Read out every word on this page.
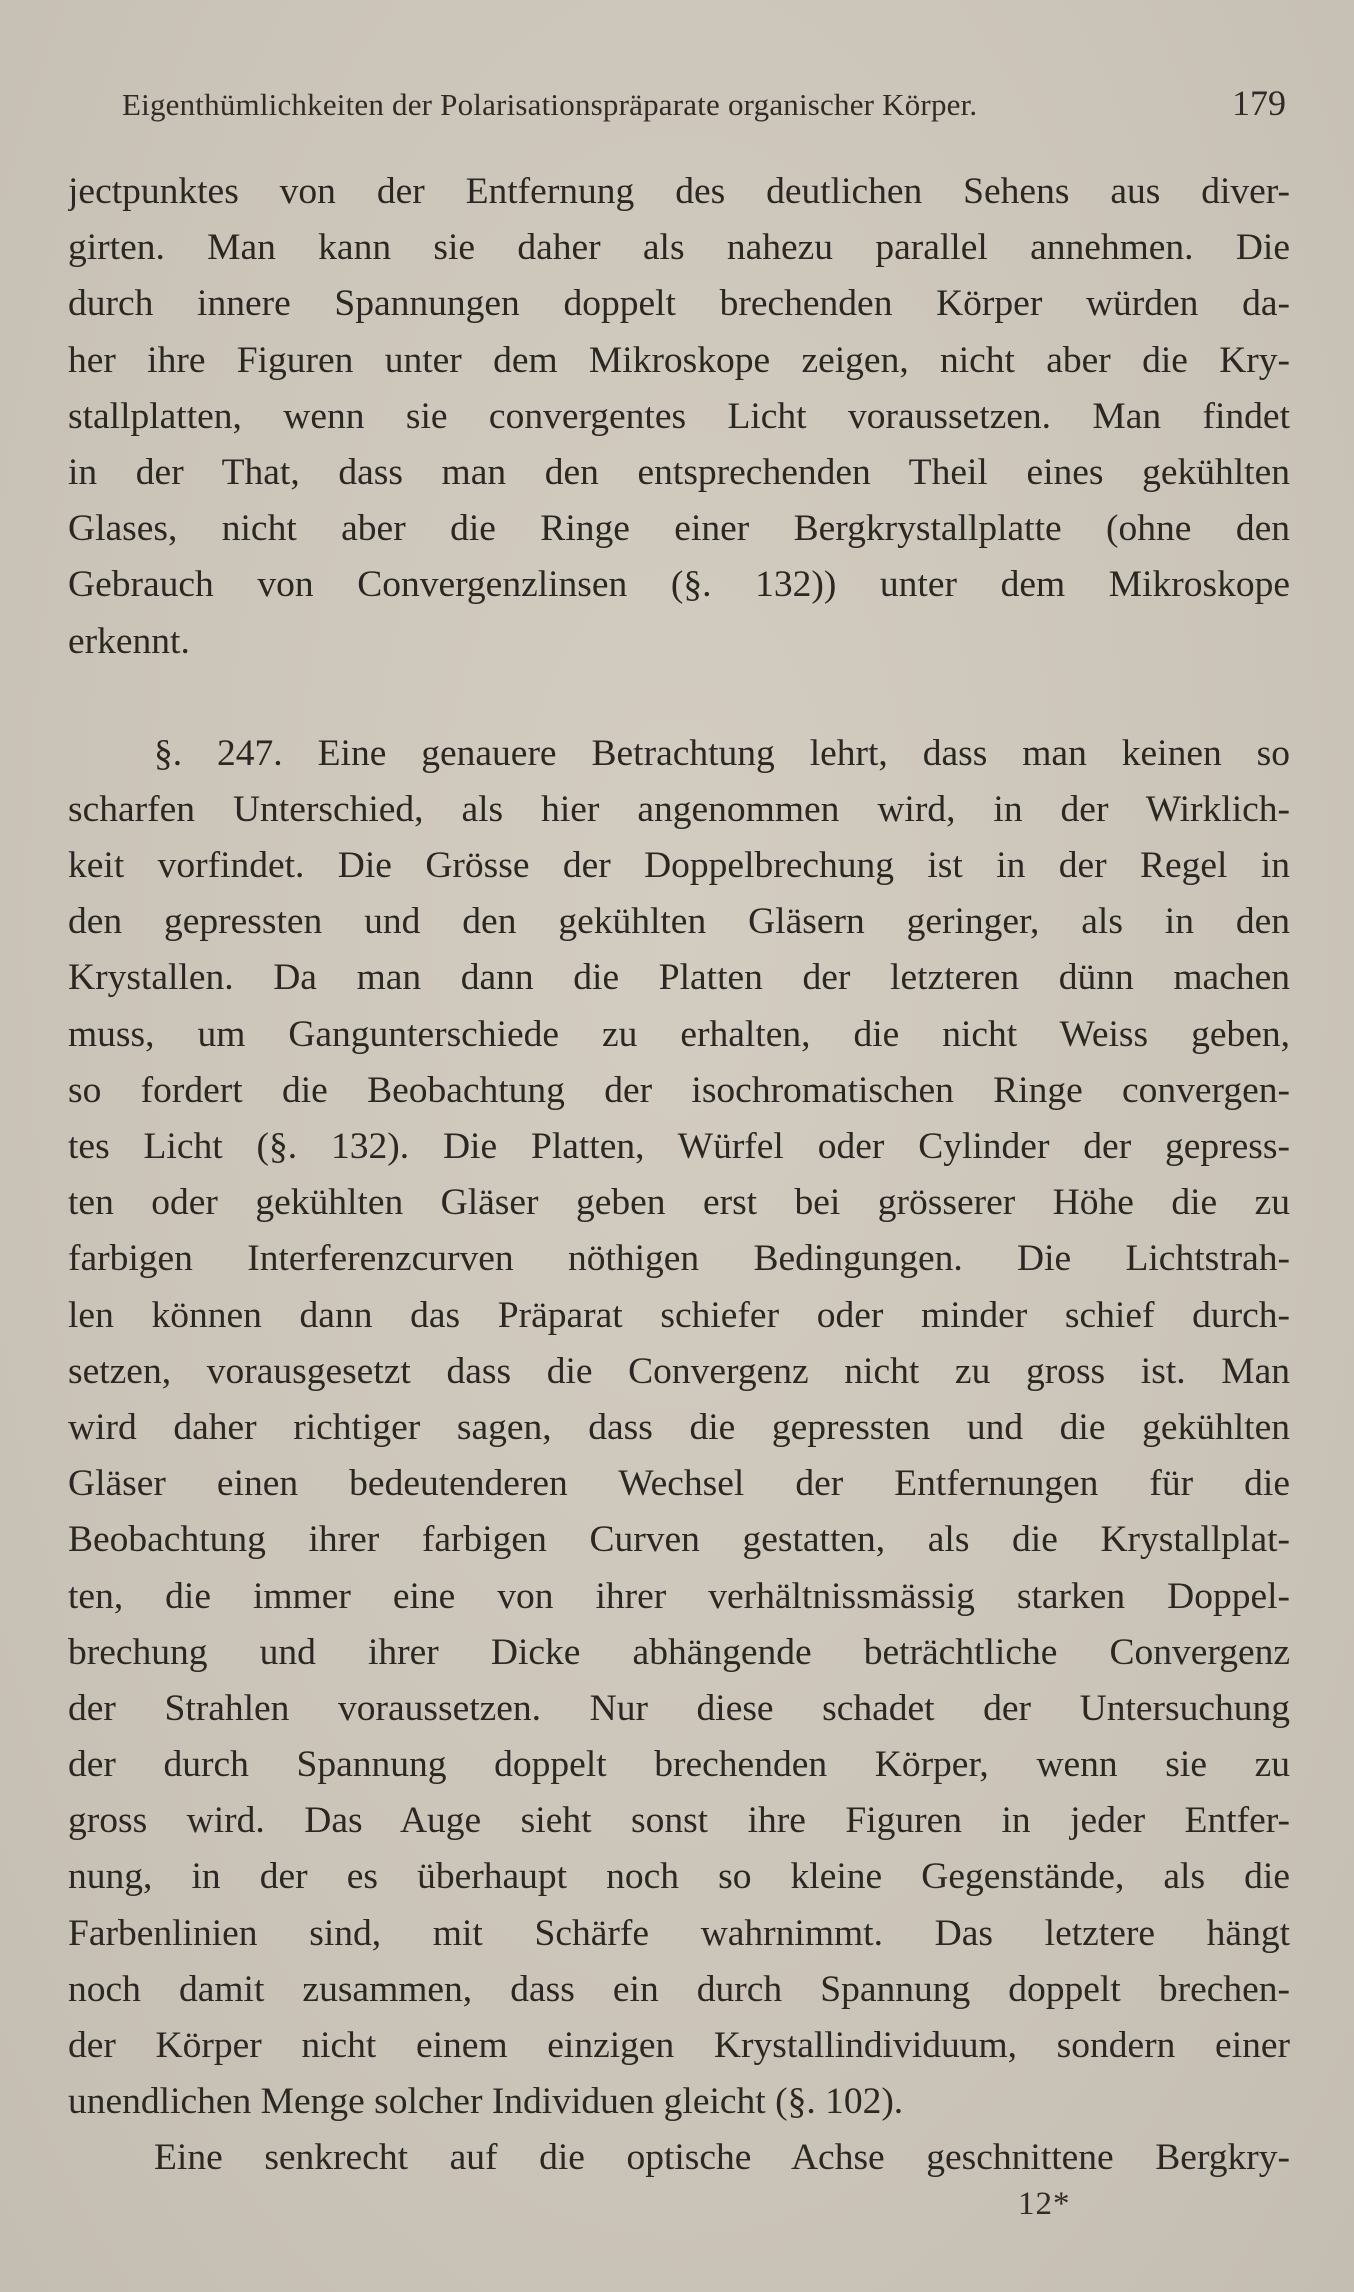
Eigenthümlichkeiten der Polarisationspräparate organischer Körper.	179
jectpunktes von der Entfernung des deutlichen Sehens aus diver-
girten. Man kann sie daher als nahezu parallel annehmen. Die
durch innere Spannungen doppelt brechenden Körper würden da-
her ihre Figuren unter dem Mikroskope zeigen, nicht aber die Kry-
stallplatten, wenn sie convergentes Licht voraussetzen. Man findet
in der That, dass man den entsprechenden Theil eines gekühlten
Glases, nicht aber die Ringe einer Bergkrystallplatte (ohne den
Gebrauch von Convergenzlinsen (§. 132)) unter dem Mikroskope
erkennt.
§. 247. Eine genauere Betrachtung lehrt, dass man keinen so
scharfen Unterschied, als hier angenommen wird, in der Wirklich-
keit vorfindet. Die Grösse der Doppelbrechung ist in der Regel in
den gepressten und den gekühlten Gläsern geringer, als in den
Krystallen. Da man dann die Platten der letzteren dünn machen
muss, um Gangunterschiede zu erhalten, die nicht Weiss geben,
so fordert die Beobachtung der isochromatischen Ringe convergen-
tes Licht (§. 132). Die Platten, Würfel oder Cylinder der gepress-
ten oder gekühlten Gläser geben erst bei grösserer Höhe die zu
farbigen Interferenzcurven nöthigen Bedingungen. Die Lichtstrah-
len können dann das Präparat schiefer oder minder schief durch-
setzen, vorausgesetzt dass die Convergenz nicht zu gross ist. Man
wird daher richtiger sagen, dass die gepressten und die gekühlten
Gläser einen bedeutenderen Wechsel der Entfernungen für die
Beobachtung ihrer farbigen Curven gestatten, als die Krystallplat-
ten, die immer eine von ihrer verhältnissmässig starken Doppel-
brechung und ihrer Dicke abhängende beträchtliche Convergenz
der Strahlen voraussetzen. Nur diese schadet der Untersuchung
der durch Spannung doppelt brechenden Körper, wenn sie zu
gross wird. Das Auge sieht sonst ihre Figuren in jeder Entfer-
nung, in der es überhaupt noch so kleine Gegenstände, als die
Farbenlinien sind, mit Schärfe wahrnimmt. Das letztere hängt
noch damit zusammen, dass ein durch Spannung doppelt brechen-
der Körper nicht einem einzigen Krystallindividuum, sondern einer
unendlichen Menge solcher Individuen gleicht (§. 102).
Eine senkrecht auf die optische Achse geschnittene Bergkry-
12*
